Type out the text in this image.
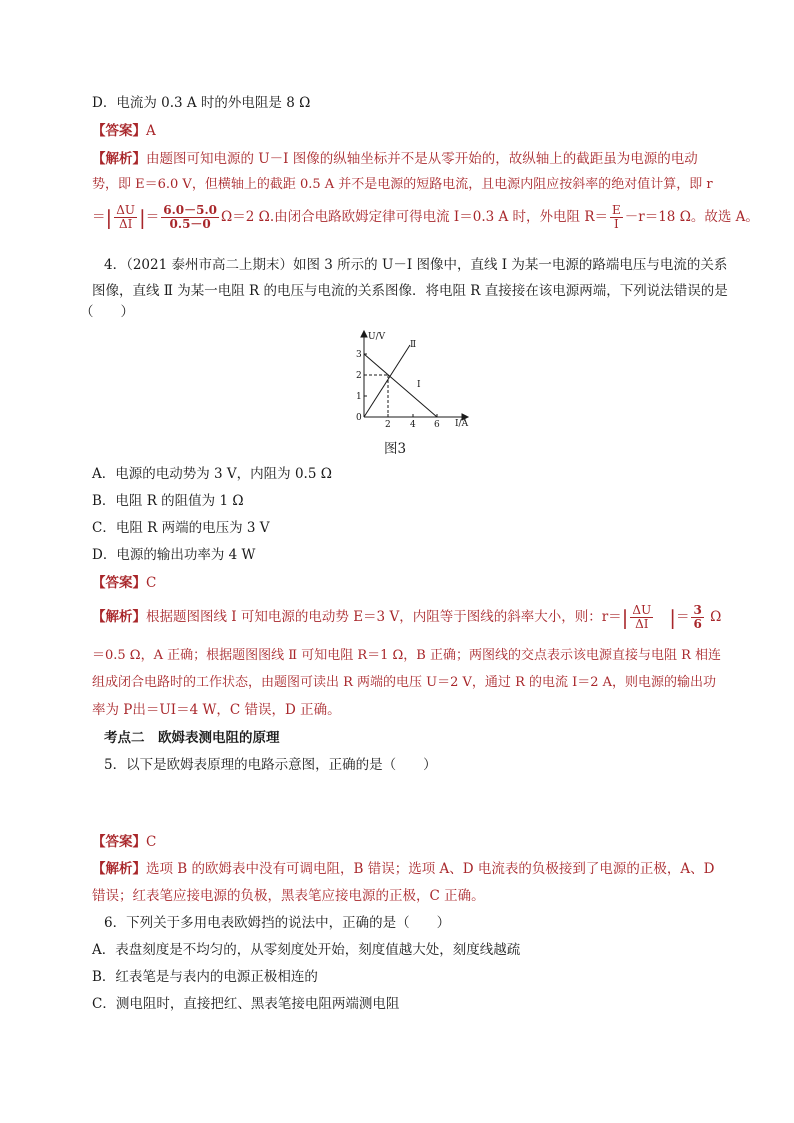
D．电流为 0.3 A 时的外电阻是 8 Ω
【答案】A
【解析】由题图可知电源的 U－I 图像的纵轴坐标并不是从零开始的，故纵轴上的截距虽为电源的电动
势，即 E＝6.0 V，但横轴上的截距 0.5 A 并不是电源的短路电流，且电源内阻应按斜率的绝对值计算，即 r
＝| $\frac{\Delta U}{\Delta I}$ |＝ $\frac{6.0-5.0}{0.5-0} \Omega=2$ Ω.由闭合电路欧姆定律可得电流 I＝0.3 A 时，外电阻 $R= \frac{E}{I} -r=18$ Ω。故选 A。
4．（2021 泰州市高二上期末）如图 3 所示的 U－I 图像中，直线 Ⅰ 为某一电源的路端电压与电流的关系
图像，直线 Ⅱ 为某一电阻 R 的电压与电流的关系图像．将电阻 R 直接接在该电源两端，下列说法错误的是
（　　）
U/V
I/A
0
1
2
3
2 4 6
Ⅰ
Ⅱ
图3
A．电源的电动势为 3 V，内阻为 0.5 Ω
B．电阻 R 的阻值为 1 Ω
C．电阻 R 两端的电压为 3 V
D．电源的输出功率为 4 W
【答案】C
【解析】根据题图图线 Ⅰ 可知电源的电动势 E＝3 V，内阻等于图线的斜率大小，则：$r=| \frac{\Delta U}{\Delta I}$ |＝ $\frac{3}{6}$ Ω
＝0.5 Ω，A 正确；根据题图图线 Ⅱ 可知电阻 R＝1 Ω，B 正确；两图线的交点表示该电源直接与电阻 R 相连
组成闭合电路时的工作状态，由题图可读出 R 两端的电压 U＝2 V，通过 R 的电流 I＝2 A，则电源的输出功
率为 P出＝UI＝4 W，C 错误，D 正确。
考点二　欧姆表测电阻的原理
5．以下是欧姆表原理的电路示意图，正确的是（　　）
【答案】C
【解析】选项 B 的欧姆表中没有可调电阻，B 错误；选项 A、D 电流表的负极接到了电源的正极，A、D
错误；红表笔应接电源的负极，黑表笔应接电源的正极，C 正确。
6．下列关于多用电表欧姆挡的说法中，正确的是（　　）
A．表盘刻度是不均匀的，从零刻度处开始，刻度值越大处，刻度线越疏
B．红表笔是与表内的电源正极相连的
C．测电阻时，直接把红、黑表笔接电阻两端测电阻
